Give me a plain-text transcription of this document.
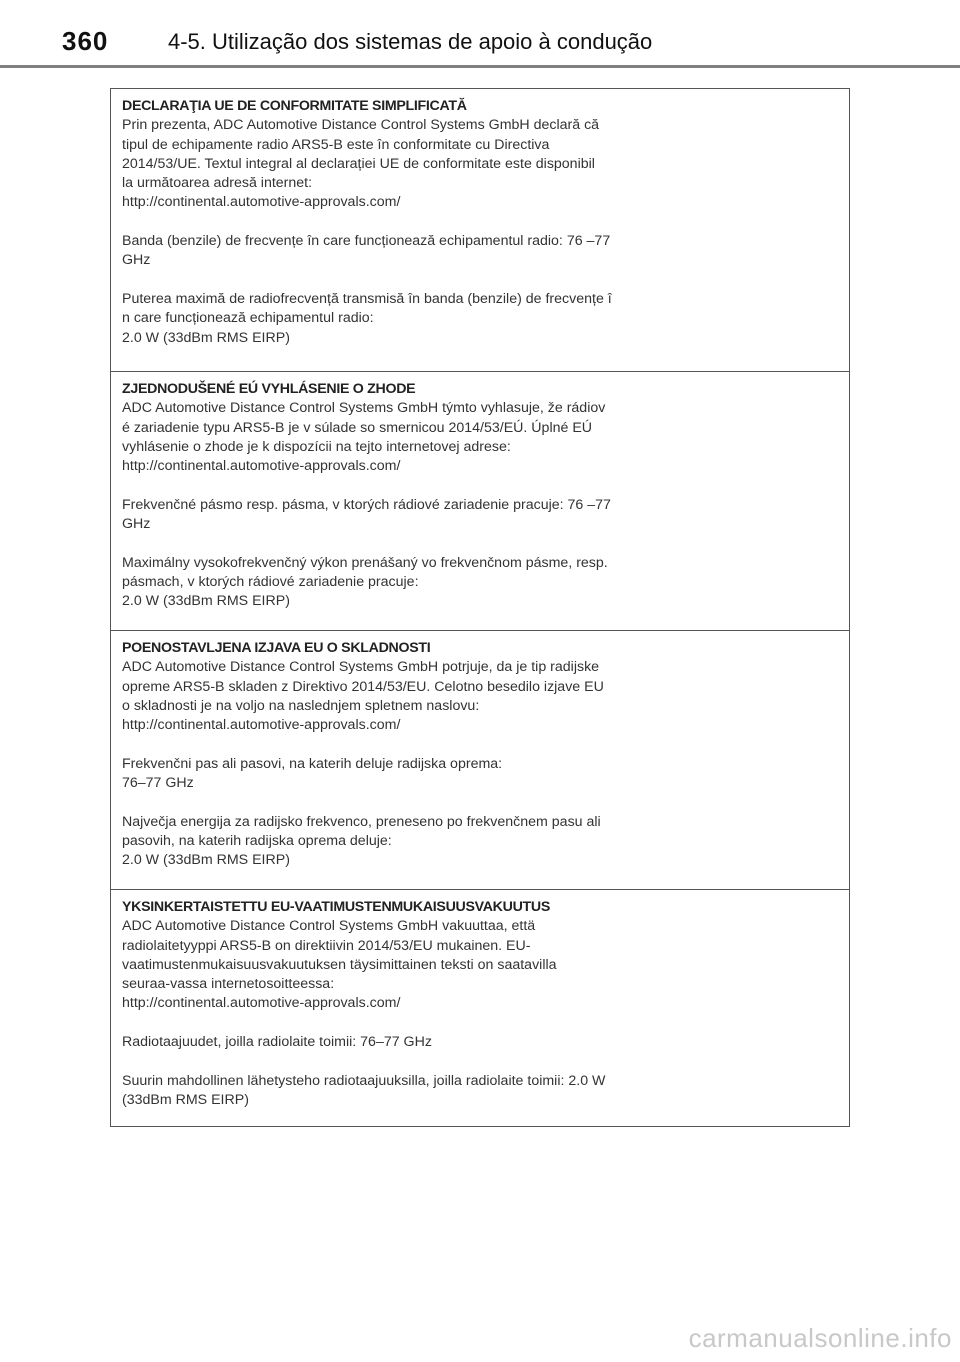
360	4-5. Utilização dos sistemas de apoio à condução
DECLARAŢIA UE DE CONFORMITATE SIMPLIFICATĂ
Prin prezenta, ADC Automotive Distance Control Systems GmbH declară că
tipul de echipamente radio ARS5-B este în conformitate cu Directiva
2014/53/UE. Textul integral al declarației UE de conformitate este disponibil
la următoarea adresă internet:
http://continental.automotive-approvals.com/
Banda (benzile) de frecvențe în care funcționează echipamentul radio: 76 –77
GHz
Puterea maximă de radiofrecvență transmisă în banda (benzile) de frecvențe î
n care funcționează echipamentul radio:
2.0 W (33dBm RMS EIRP)
ZJEDNODUŠENÉ EÚ VYHLÁSENIE O ZHODE
ADC Automotive Distance Control Systems GmbH týmto vyhlasuje, že rádiov
é zariadenie typu ARS5-B je v súlade so smernicou 2014/53/EÚ. Úplné EÚ
vyhlásenie o zhode je k dispozícii na tejto internetovej adrese:
http://continental.automotive-approvals.com/
Frekvenčné pásmo resp. pásma, v ktorých rádiové zariadenie pracuje: 76 –77
GHz
Maximálny vysokofrekvenčný výkon prenášaný vo frekvenčnom pásme, resp.
pásmach, v ktorých rádiové zariadenie pracuje:
2.0 W (33dBm RMS EIRP)
POENOSTAVLJENA IZJAVA EU O SKLADNOSTI
ADC Automotive Distance Control Systems GmbH potrjuje, da je tip radijske
opreme ARS5-B skladen z Direktivo 2014/53/EU. Celotno besedilo izjave EU
o skladnosti je na voljo na naslednjem spletnem naslovu:
http://continental.automotive-approvals.com/
Frekvenčni pas ali pasovi, na katerih deluje radijska oprema:
76–77 GHz
Največja energija za radijsko frekvenco, preneseno po frekvenčnem pasu ali
pasovih, na katerih radijska oprema deluje:
2.0 W (33dBm RMS EIRP)
YKSINKERTAISTETTU EU-VAATIMUSTENMUKAISUUSVAKUUTUS
ADC Automotive Distance Control Systems GmbH vakuuttaa, että
radiolaitetyyppi ARS5-B on direktiivin 2014/53/EU mukainen. EU-
vaatimustenmukaisuusvakuutuksen täysimittainen teksti on saatavilla
seuraa-vassa internetosoitteessa:
http://continental.automotive-approvals.com/
Radiotaajuudet, joilla radiolaite toimii: 76–77 GHz
Suurin mahdollinen lähetysteho radiotaajuuksilla, joilla radiolaite toimii: 2.0 W
(33dBm RMS EIRP)
carmanualsonline.info
